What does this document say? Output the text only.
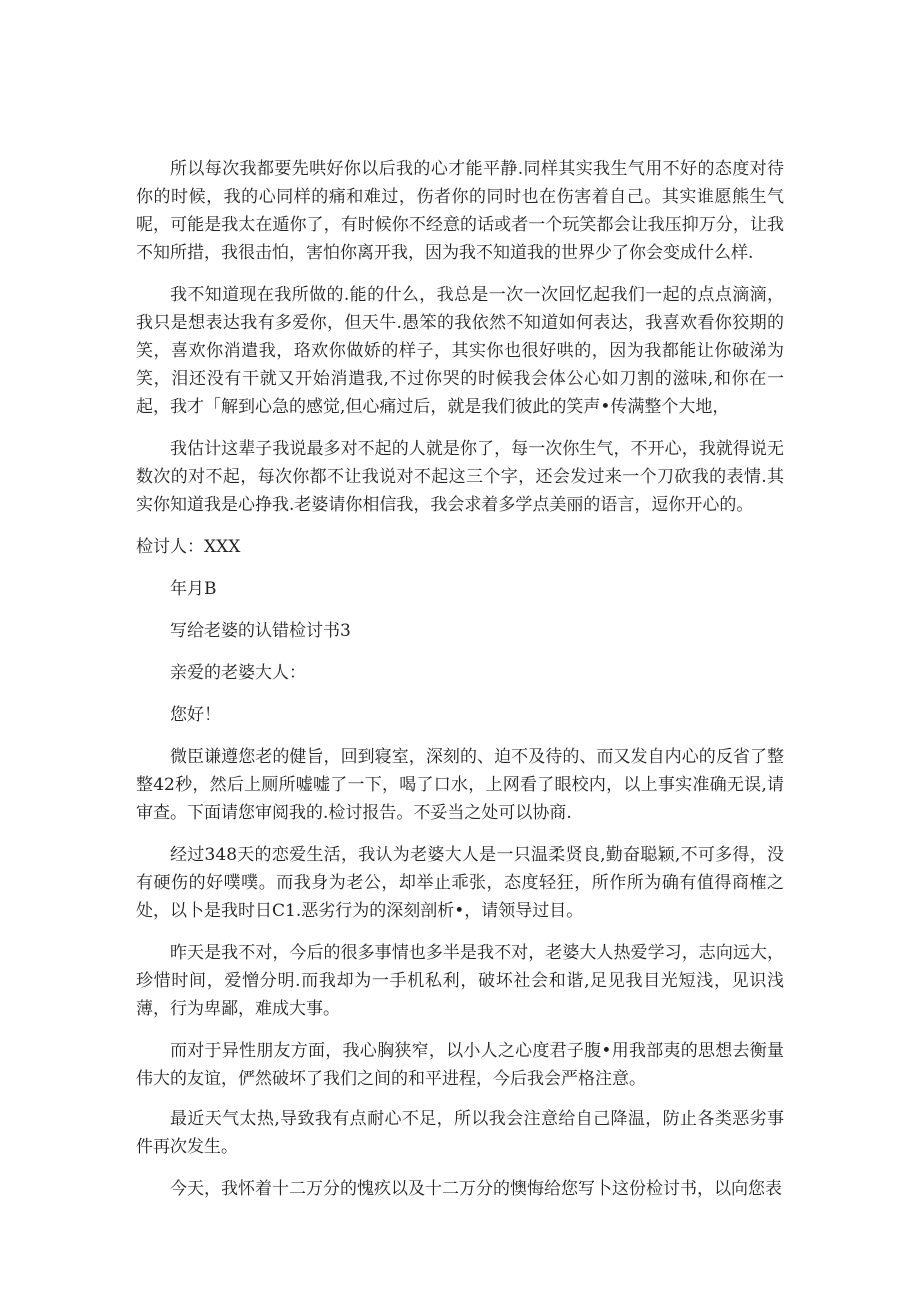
所以每次我都要先哄好你以后我的心才能平静.同样其实我生气用不好的态度对待你的时候，我的心同样的痛和难过，伤者你的同时也在伤害着自己。其实谁愿熊生气呢，可能是我太在遁你了，有时候你不经意的话或者一个玩笑都会让我压抑万分，让我不知所措，我很击怕，害怕你离开我，因为我不知道我的世界少了你会变成什么样.

我不知道现在我所做的.能的什么，我总是一次一次回忆起我们一起的点点滴滴，我只是想表达我有多爱你，但天牛.愚笨的我依然不知道如何表达，我喜欢看你狡期的笑，喜欢你消遣我，珞欢你做娇的样子，其实你也很好哄的，因为我都能让你破涕为笑，泪还没有干就又开始消遣我,不过你哭的时候我会体公心如刀割的滋味,和你在一起，我才「解到心急的感觉,但心痛过后，就是我们彼此的笑声•传满整个大地，

我估计这辈子我说最多对不起的人就是你了，每一次你生气，不开心，我就得说无数次的对不起，每次你都不让我说对不起这三个字，还会发过来一个刀砍我的表情.其实你知道我是心挣我.老婆请你相信我，我会求着多学点美丽的语言，逗你开心的。

检讨人：XXX

年月B

写给老婆的认错检讨书3

亲爱的老婆大人：

您好！

微臣谦遵您老的健旨，回到寝室，深刻的、迫不及待的、而又发自内心的反省了整整42秒，然后上厕所嘘嘘了一下，喝了口水，上网看了眼校内，以上事实准确无误,请审查。下面请您审阅我的.检讨报告。不妥当之处可以协商.

经过348天的恋爱生活，我认为老婆大人是一只温柔贤良,勤奋聪颖,不可多得，没有硬伤的好噗噗。而我身为老公，却举止乖张，态度轻狂，所作所为确有值得商榷之处，以卜是我时日C1.恶劣行为的深刻剖析•，请领导过目。

昨天是我不对，今后的很多事情也多半是我不对，老婆大人热爱学习，志向远大，珍惜时间，爱憎分明.而我却为一手机私利，破坏社会和谐,足见我目光短浅，见识浅薄，行为卑鄙，难成大事。

而对于异性朋友方面，我心胸狭窄，以小人之心度君子腹•用我部夷的思想去衡量伟大的友谊，俨然破坏了我们之间的和平进程，今后我会严格注意。

最近天气太热,导致我有点耐心不足，所以我会注意给自己降温，防止各类恶劣事件再次发生。

今天，我怀着十二万分的愧疚以及十二万分的懊悔给您写卜这份检讨书，以向您表
